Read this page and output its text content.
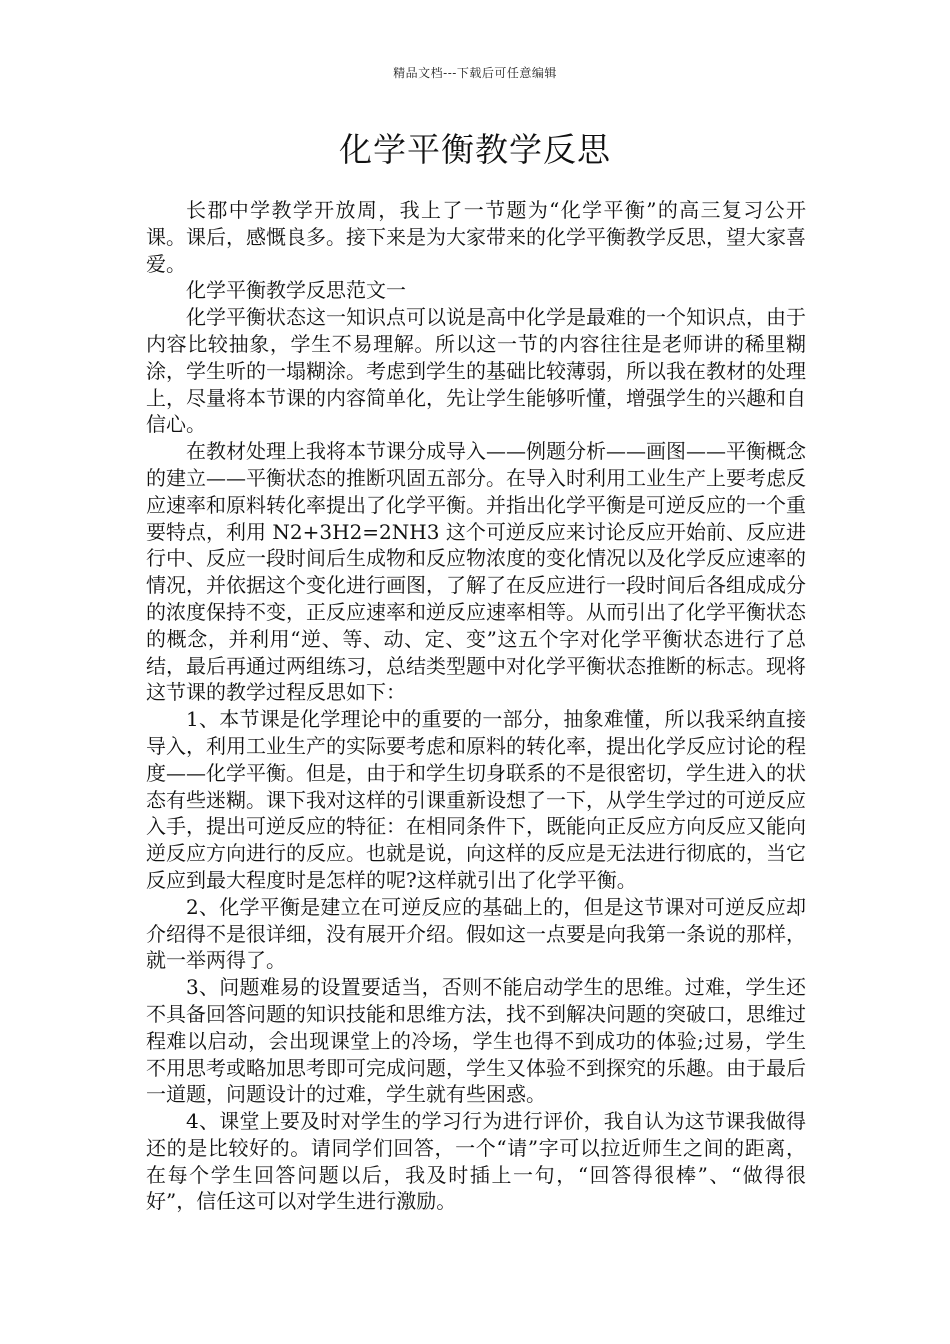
精品文档---下载后可任意编辑
化学平衡教学反思

长郡中学教学开放周，我上了一节题为“化学平衡”的高三复习公开课。课后，感慨良多。接下来是为大家带来的化学平衡教学反思，望大家喜爱。

化学平衡教学反思范文一

化学平衡状态这一知识点可以说是高中化学是最难的一个知识点，由于内容比较抽象，学生不易理解。所以这一节的内容往往是老师讲的稀里糊涂，学生听的一塌糊涂。考虑到学生的基础比较薄弱，所以我在教材的处理上，尽量将本节课的内容简单化，先让学生能够听懂，增强学生的兴趣和自信心。

在教材处理上我将本节课分成导入——例题分析——画图——平衡概念的建立——平衡状态的推断巩固五部分。在导入时利用工业生产上要考虑反应速率和原料转化率提出了化学平衡。并指出化学平衡是可逆反应的一个重要特点，利用 N2+3H2=2NH3 这个可逆反应来讨论反应开始前、反应进行中、反应一段时间后生成物和反应物浓度的变化情况以及化学反应速率的情况，并依据这个变化进行画图，了解了在反应进行一段时间后各组成成分的浓度保持不变，正反应速率和逆反应速率相等。从而引出了化学平衡状态的概念，并利用“逆、等、动、定、变”这五个字对化学平衡状态进行了总结，最后再通过两组练习，总结类型题中对化学平衡状态推断的标志。现将这节课的教学过程反思如下：

1、本节课是化学理论中的重要的一部分，抽象难懂，所以我采纳直接导入，利用工业生产的实际要考虑和原料的转化率，提出化学反应讨论的程度——化学平衡。但是，由于和学生切身联系的不是很密切，学生进入的状态有些迷糊。课下我对这样的引课重新设想了一下，从学生学过的可逆反应入手，提出可逆反应的特征：在相同条件下，既能向正反应方向反应又能向逆反应方向进行的反应。也就是说，向这样的反应是无法进行彻底的，当它反应到最大程度时是怎样的呢?这样就引出了化学平衡。

2、化学平衡是建立在可逆反应的基础上的，但是这节课对可逆反应却介绍得不是很详细，没有展开介绍。假如这一点要是向我第一条说的那样，就一举两得了。

3、问题难易的设置要适当，否则不能启动学生的思维。过难，学生还不具备回答问题的知识技能和思维方法，找不到解决问题的突破口，思维过程难以启动，会出现课堂上的冷场，学生也得不到成功的体验;过易，学生不用思考或略加思考即可完成问题，学生又体验不到探究的乐趣。由于最后一道题，问题设计的过难，学生就有些困惑。

4、课堂上要及时对学生的学习行为进行评价，我自认为这节课我做得还的是比较好的。请同学们回答，一个“请”字可以拉近师生之间的距离，在每个学生回答问题以后，我及时插上一句，“回答得很棒”、“做得很好”，信任这可以对学生进行激励。
